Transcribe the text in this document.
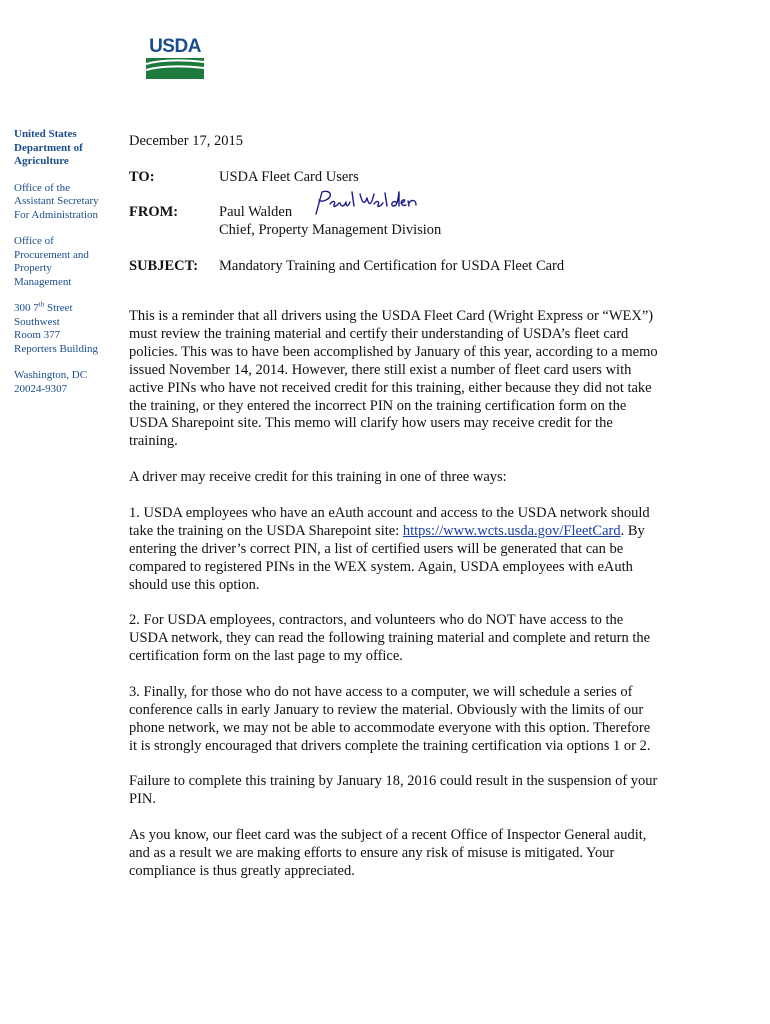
USDA
United States
Department of
Agriculture
Office of the
Assistant Secretary
For Administration
Office of
Procurement and
Property
Management
300 7th Street
Southwest
Room 377
Reporters Building
Washington, DC
20024-9307
December 17, 2015
TO:	USDA Fleet Card Users
FROM:	Paul Walden
Chief, Property Management Division
SUBJECT: Mandatory Training and Certification for USDA Fleet Card

This is a reminder that all drivers using the USDA Fleet Card (Wright Express or “WEX”) must review the training material and certify their understanding of USDA’s fleet card policies. This was to have been accomplished by January of this year, according to a memo issued November 14, 2014. However, there still exist a number of fleet card users with active PINs who have not received credit for this training, either because they did not take the training, or they entered the incorrect PIN on the training certification form on the USDA Sharepoint site. This memo will clarify how users may receive credit for the training.

A driver may receive credit for this training in one of three ways:

1. USDA employees who have an eAuth account and access to the USDA network should take the training on the USDA Sharepoint site: https://www.wcts.usda.gov/FleetCard. By entering the driver’s correct PIN, a list of certified users will be generated that can be compared to registered PINs in the WEX system. Again, USDA employees with eAuth should use this option.

2. For USDA employees, contractors, and volunteers who do NOT have access to the USDA network, they can read the following training material and complete and return the certification form on the last page to my office.

3. Finally, for those who do not have access to a computer, we will schedule a series of conference calls in early January to review the material. Obviously with the limits of our phone network, we may not be able to accommodate everyone with this option. Therefore it is strongly encouraged that drivers complete the training certification via options 1 or 2.

Failure to complete this training by January 18, 2016 could result in the suspension of your PIN.

As you know, our fleet card was the subject of a recent Office of Inspector General audit, and as a result we are making efforts to ensure any risk of misuse is mitigated. Your compliance is thus greatly appreciated.
